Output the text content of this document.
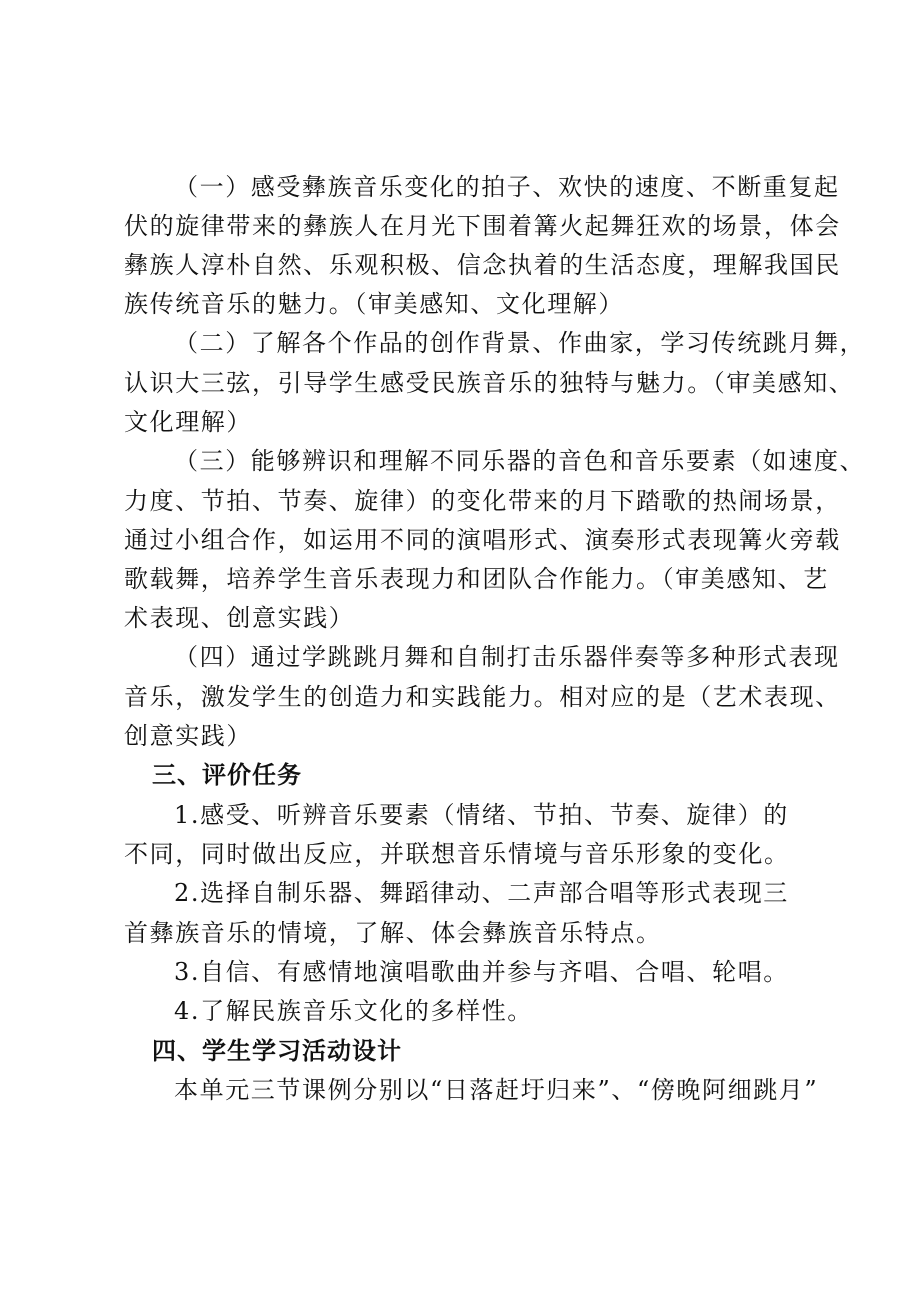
（一）感受彝族音乐变化的拍子、欢快的速度、不断重复起
伏的旋律带来的彝族人在月光下围着篝火起舞狂欢的场景，体会
彝族人淳朴自然、乐观积极、信念执着的生活态度，理解我国民
族传统音乐的魅力。（审美感知、文化理解）
（二）了解各个作品的创作背景、作曲家，学习传统跳月舞，
认识大三弦，引导学生感受民族音乐的独特与魅力。（审美感知、
文化理解）
（三）能够辨识和理解不同乐器的音色和音乐要素（如速度、
力度、节拍、节奏、旋律）的变化带来的月下踏歌的热闹场景，
通过小组合作，如运用不同的演唱形式、演奏形式表现篝火旁载
歌载舞，培养学生音乐表现力和团队合作能力。（审美感知、艺
术表现、创意实践）
（四）通过学跳跳月舞和自制打击乐器伴奏等多种形式表现
音乐，激发学生的创造力和实践能力。相对应的是（艺术表现、
创意实践）
三、评价任务
1.感受、听辨音乐要素（情绪、节拍、节奏、旋律）的
不同，同时做出反应，并联想音乐情境与音乐形象的变化。
2.选择自制乐器、舞蹈律动、二声部合唱等形式表现三
首彝族音乐的情境，了解、体会彝族音乐特点。
3.自信、有感情地演唱歌曲并参与齐唱、合唱、轮唱。
4.了解民族音乐文化的多样性。
四、学生学习活动设计
本单元三节课例分别以“日落赶圩归来”、“傍晚阿细跳月”
